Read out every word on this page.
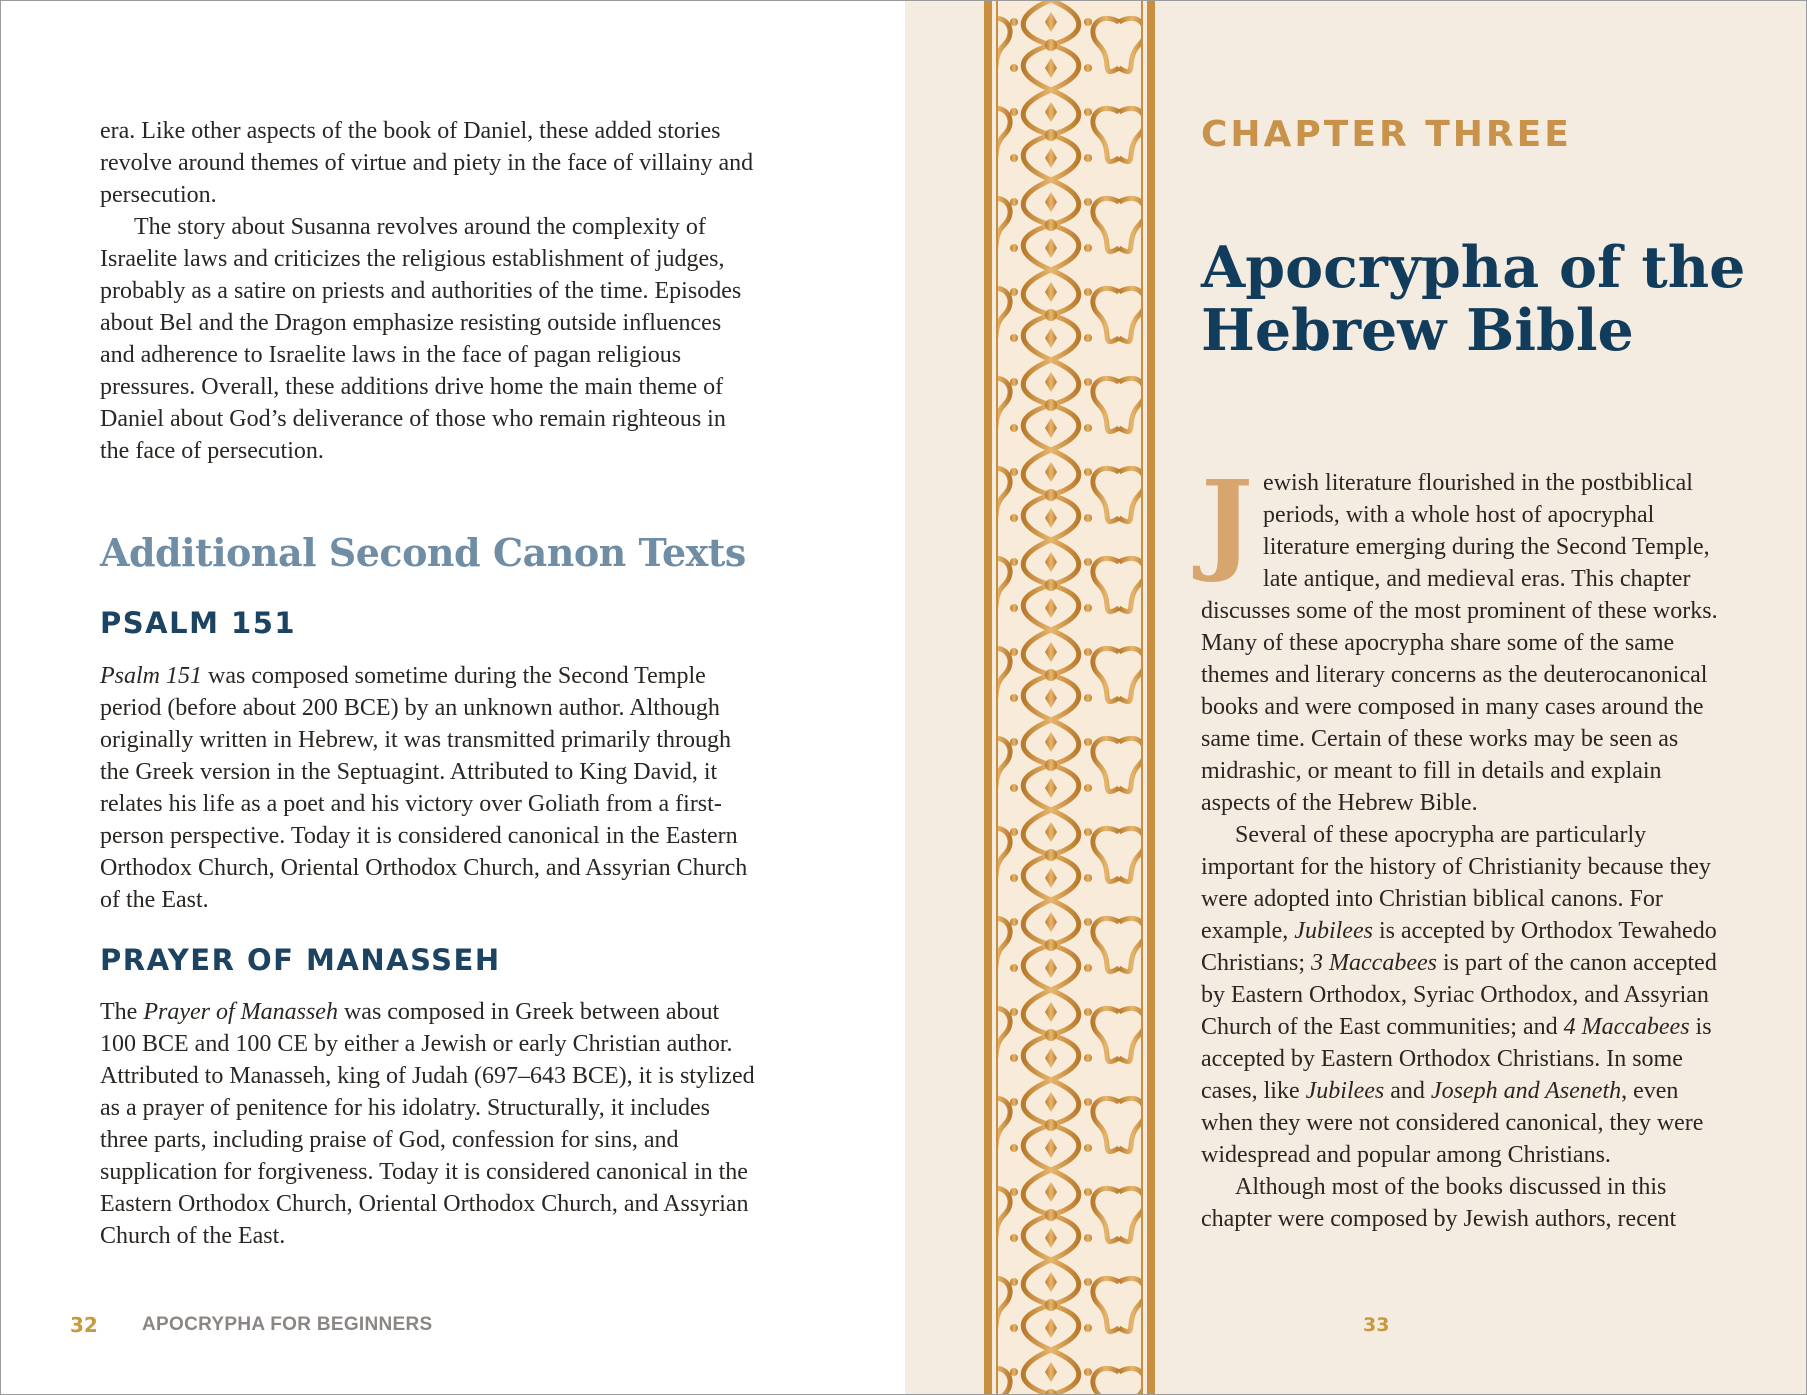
era. Like other aspects of the book of Daniel, these added stories revolve around themes of virtue and piety in the face of villainy and persecution.

The story about Susanna revolves around the complexity of Israelite laws and criticizes the religious establishment of judges, probably as a satire on priests and authorities of the time. Episodes about Bel and the Dragon emphasize resisting outside influences and adherence to Israelite laws in the face of pagan religious pressures. Overall, these additions drive home the main theme of Daniel about God’s deliverance of those who remain righteous in the face of persecution.

Additional Second Canon Texts
PSALM 151

Psalm 151 was composed sometime during the Second Temple period (before about 200 BCE) by an unknown author. Although originally written in Hebrew, it was transmitted primarily through the Greek version in the Septuagint. Attributed to King David, it relates his life as a poet and his victory over Goliath from a first-person perspective. Today it is considered canonical in the Eastern Orthodox Church, Oriental Orthodox Church, and Assyrian Church of the East.

PRAYER OF MANASSEH

The Prayer of Manasseh was composed in Greek between about 100 BCE and 100 CE by either a Jewish or early Christian author. Attributed to Manasseh, king of Judah (697–643 BCE), it is stylized as a prayer of penitence for his idolatry. Structurally, it includes three parts, including praise of God, confession for sins, and supplication for forgiveness. Today it is considered canonical in the Eastern Orthodox Church, Oriental Orthodox Church, and Assyrian Church of the East.

32 APOCRYPHA FOR BEGINNERS
CHAPTER THREE
Apocrypha of the Hebrew Bible

Jewish literature flourished in the postbiblical periods, with a whole host of apocryphal literature emerging during the Second Temple, late antique, and medieval eras. This chapter discusses some of the most prominent of these works. Many of these apocrypha share some of the same themes and literary concerns as the deuterocanonical books and were composed in many cases around the same time. Certain of these works may be seen as midrashic, or meant to fill in details and explain aspects of the Hebrew Bible.

Several of these apocrypha are particularly important for the history of Christianity because they were adopted into Christian biblical canons. For example, Jubilees is accepted by Orthodox Tewahedo Christians; 3 Maccabees is part of the canon accepted by Eastern Orthodox, Syriac Orthodox, and Assyrian Church of the East communities; and 4 Maccabees is accepted by Eastern Orthodox Christians. In some cases, like Jubilees and Joseph and Aseneth, even when they were not considered canonical, they were widespread and popular among Christians.

Although most of the books discussed in this chapter were composed by Jewish authors, recent

33
